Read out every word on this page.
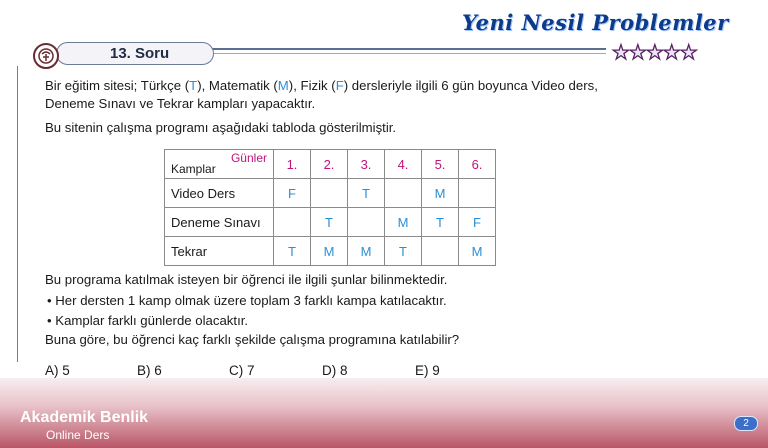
Yeni Nesil Problemler
★★★★★
13. Soru
Bir eğitim sitesi; Türkçe (T), Matematik (M), Fizik (F) dersleriyle ilgili 6 gün boyunca Video ders,
Deneme Sınavı ve Tekrar kampları yapacaktır.
Bu sitenin çalışma programı aşağıdaki tabloda gösterilmiştir.
Günler
Kamplar	1.	2.	3.	4.	5.	6.
Video Ders	F		T		M	
Deneme Sınavı		T		M	T	F
Tekrar	T	M	M	T		M
Bu programa katılmak isteyen bir öğrenci ile ilgili şunlar bilinmektedir.
• Her dersten 1 kamp olmak üzere toplam 3 farklı kampa katılacaktır.
• Kamplar farklı günlerde olacaktır.
Buna göre, bu öğrenci kaç farklı şekilde çalışma programına katılabilir?
A) 5	B) 6	C) 7	D) 8	E) 9
Akademik Benlik
Online Ders
2
